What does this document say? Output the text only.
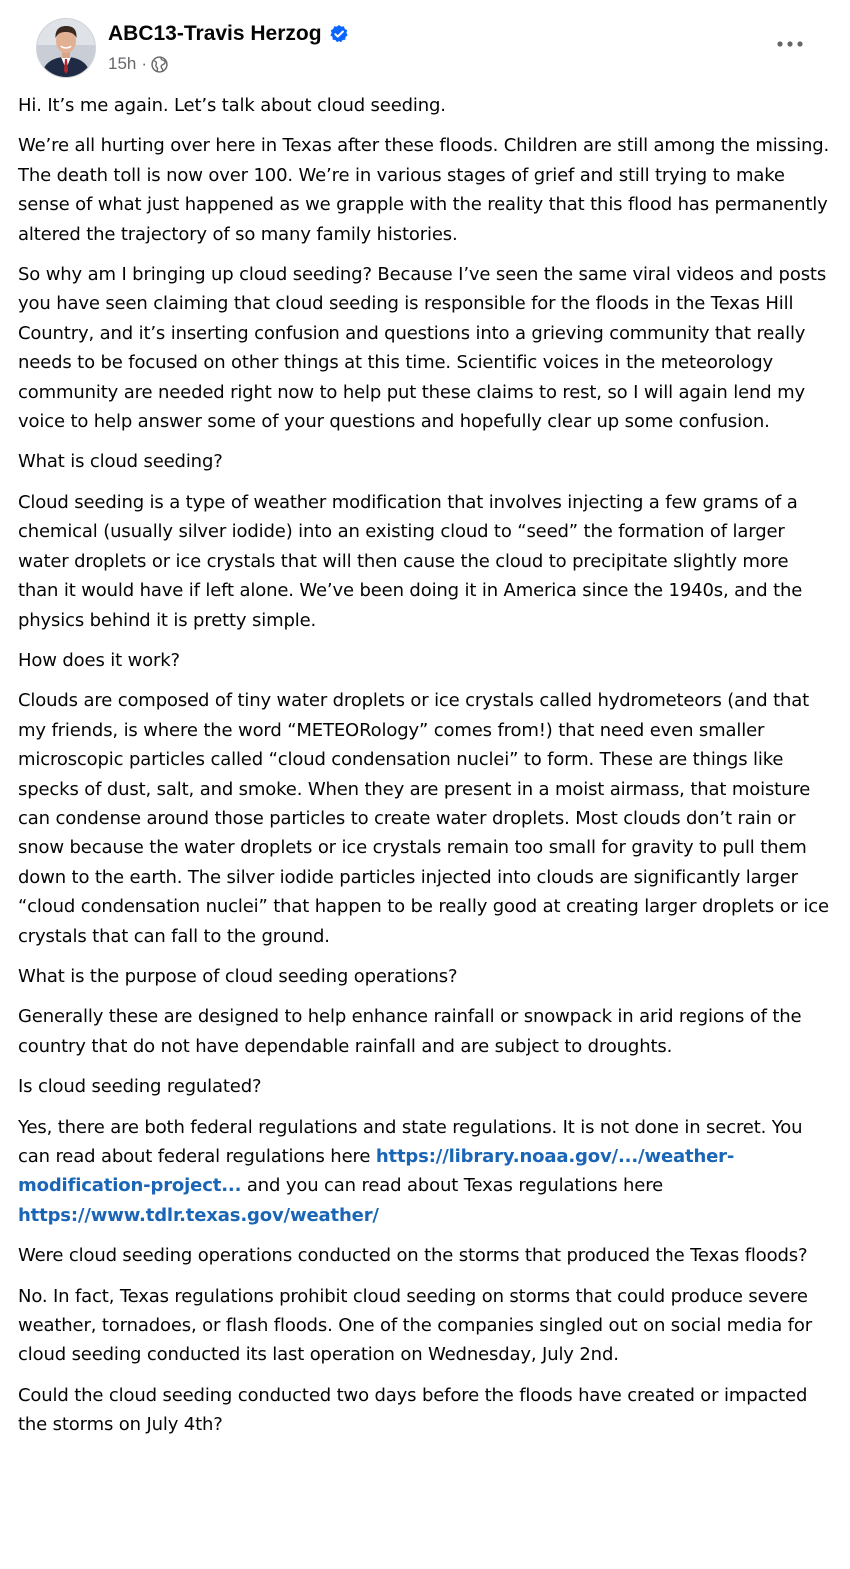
ABC13-Travis Herzog
15h ·

Hi. It’s me again. Let’s talk about cloud seeding.

We’re all hurting over here in Texas after these floods. Children are still among the missing. The death toll is now over 100. We’re in various stages of grief and still trying to make sense of what just happened as we grapple with the reality that this flood has permanently altered the trajectory of so many family histories.

So why am I bringing up cloud seeding? Because I’ve seen the same viral videos and posts you have seen claiming that cloud seeding is responsible for the floods in the Texas Hill Country, and it’s inserting confusion and questions into a grieving community that really needs to be focused on other things at this time. Scientific voices in the meteorology community are needed right now to help put these claims to rest, so I will again lend my voice to help answer some of your questions and hopefully clear up some confusion.

What is cloud seeding?

Cloud seeding is a type of weather modification that involves injecting a few grams of a chemical (usually silver iodide) into an existing cloud to “seed” the formation of larger water droplets or ice crystals that will then cause the cloud to precipitate slightly more than it would have if left alone. We’ve been doing it in America since the 1940s, and the physics behind it is pretty simple.

How does it work?

Clouds are composed of tiny water droplets or ice crystals called hydrometeors (and that my friends, is where the word “METEORology” comes from!) that need even smaller microscopic particles called “cloud condensation nuclei” to form. These are things like specks of dust, salt, and smoke. When they are present in a moist airmass, that moisture can condense around those particles to create water droplets. Most clouds don’t rain or snow because the water droplets or ice crystals remain too small for gravity to pull them down to the earth. The silver iodide particles injected into clouds are significantly larger “cloud condensation nuclei” that happen to be really good at creating larger droplets or ice crystals that can fall to the ground.

What is the purpose of cloud seeding operations?

Generally these are designed to help enhance rainfall or snowpack in arid regions of the country that do not have dependable rainfall and are subject to droughts.

Is cloud seeding regulated?

Yes, there are both federal regulations and state regulations. It is not done in secret. You can read about federal regulations here https://library.noaa.gov/.../weather-modification-project... and you can read about Texas regulations here https://www.tdlr.texas.gov/weather/

Were cloud seeding operations conducted on the storms that produced the Texas floods?

No. In fact, Texas regulations prohibit cloud seeding on storms that could produce severe weather, tornadoes, or flash floods. One of the companies singled out on social media for cloud seeding conducted its last operation on Wednesday, July 2nd.

Could the cloud seeding conducted two days before the floods have created or impacted the storms on July 4th?
